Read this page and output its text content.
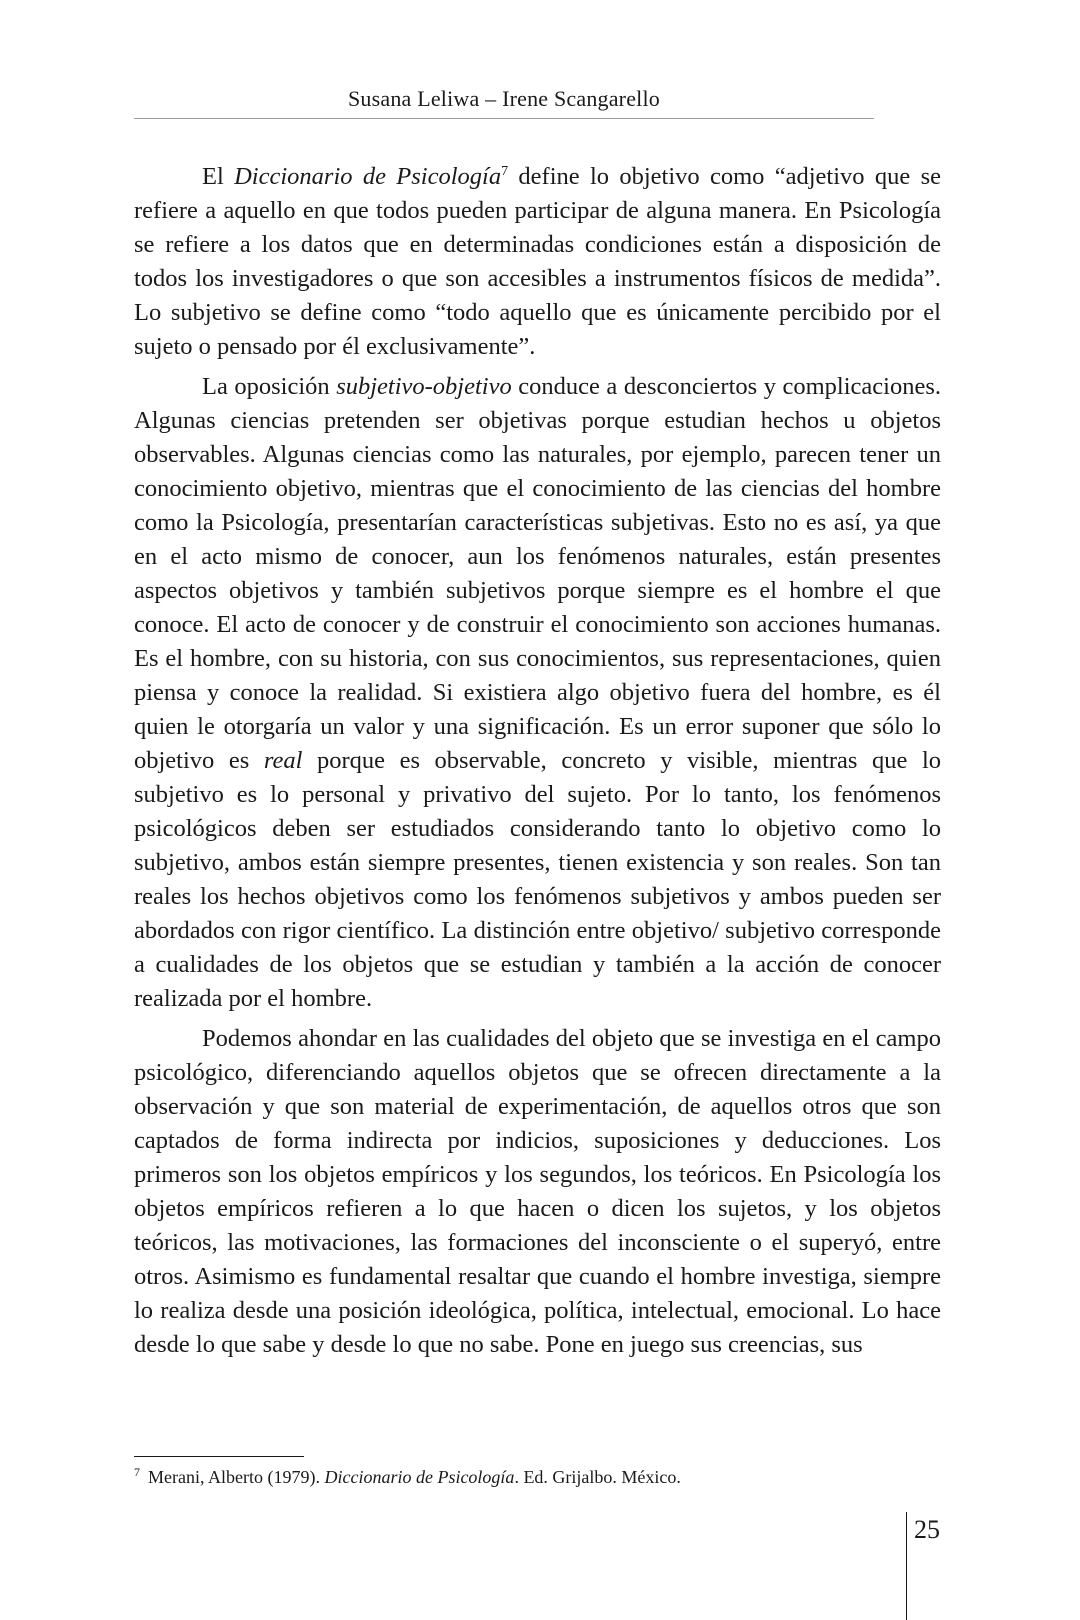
Susana Leliwa – Irene Scangarello

El Diccionario de Psicología$^7$ define lo objetivo como “adjetivo que se refiere a aquello en que todos pueden participar de alguna manera. En Psicología se refiere a los datos que en determinadas condiciones están a disposición de todos los investigadores o que son accesibles a instrumentos físicos de medida”. Lo subjetivo se define como “todo aquello que es únicamente percibido por el sujeto o pensado por él exclusivamente”.

La oposición subjetivo-objetivo conduce a desconciertos y complicaciones. Algunas ciencias pretenden ser objetivas porque estudian hechos u objetos observables. Algunas ciencias como las naturales, por ejemplo, parecen tener un conocimiento objetivo, mientras que el conocimiento de las ciencias del hombre como la Psicología, presentarían características subjetivas. Esto no es así, ya que en el acto mismo de conocer, aun los fenómenos naturales, están presentes aspectos objetivos y también subjetivos porque siempre es el hombre el que conoce. El acto de conocer y de construir el conocimiento son acciones humanas. Es el hombre, con su historia, con sus conocimientos, sus representaciones, quien piensa y conoce la realidad. Si existiera algo objetivo fuera del hombre, es él quien le otorgaría un valor y una significación. Es un error suponer que sólo lo objetivo es real porque es observable, concreto y visible, mientras que lo subjetivo es lo personal y privativo del sujeto. Por lo tanto, los fenómenos psicológicos deben ser estudiados considerando tanto lo objetivo como lo subjetivo, ambos están siempre presentes, tienen existencia y son reales. Son tan reales los hechos objetivos como los fenómenos subjetivos y ambos pueden ser abordados con rigor científico. La distinción entre objetivo/ subjetivo corresponde a cualidades de los objetos que se estudian y también a la acción de conocer realizada por el hombre.

Podemos ahondar en las cualidades del objeto que se investiga en el campo psicológico, diferenciando aquellos objetos que se ofrecen directamente a la observación y que son material de experimentación, de aquellos otros que son captados de forma indirecta por indicios, suposiciones y deducciones. Los primeros son los objetos empíricos y los segundos, los teóricos. En Psicología los objetos empíricos refieren a lo que hacen o dicen los sujetos, y los objetos teóricos, las motivaciones, las formaciones del inconsciente o el superyó, entre otros. Asimismo es fundamental resaltar que cuando el hombre investiga, siempre lo realiza desde una posición ideológica, política, intelectual, emocional. Lo hace desde lo que sabe y desde lo que no sabe. Pone en juego sus creencias, sus

$^7$ Merani, Alberto (1979). Diccionario de Psicología. Ed. Grijalbo. México.
25
